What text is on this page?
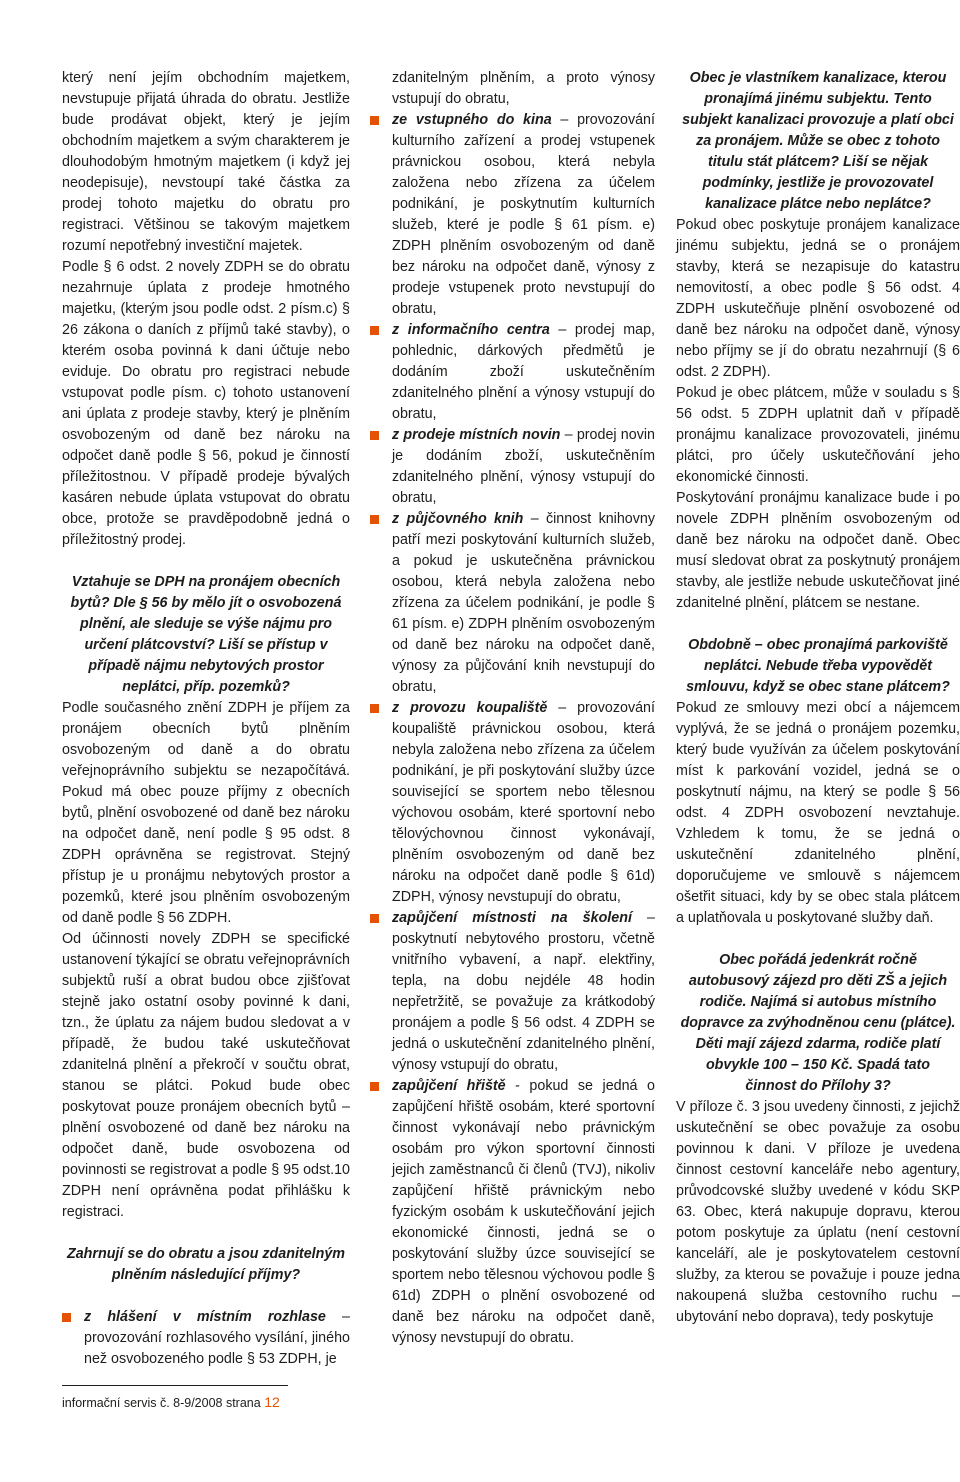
který není jejím obchodním majetkem, nevstupuje přijatá úhrada do obratu. Jestliže bude prodávat objekt, který je jejím obchodním majetkem a svým charakterem je dlouhodobým hmotným majetkem (i když jej neodepisuje), nevstoupí také částka za prodej tohoto majetku do obratu pro registraci. Většinou se takovým majetkem rozumí nepotřebný investiční majetek.

Podle § 6 odst. 2 novely ZDPH se do obratu nezahrnuje úplata z prodeje hmotného majetku, (kterým jsou podle odst. 2 písm.c) § 26 zákona o daních z příjmů také stavby), o kterém osoba povinná k dani účtuje nebo eviduje. Do obratu pro registraci nebude vstupovat podle písm. c) tohoto ustanovení ani úplata z prodeje stavby, který je plněním osvobozeným od daně bez nároku na odpočet daně podle § 56, pokud je činností příležitostnou. V případě prodeje bývalých kasáren nebude úplata vstupovat do obratu obce, protože se pravděpodobně jedná o příležitostný prodej.

Vztahuje se DPH na pronájem obecních bytů? Dle § 56 by mělo jít o osvobozená plnění, ale sleduje se výše nájmu pro určení plátcovství? Liší se přístup v případě nájmu nebytových prostor neplátci, příp. pozemků?

Podle současného znění ZDPH je příjem za pronájem obecních bytů plněním osvobozeným od daně a do obratu veřejnoprávního subjektu se nezapočítává. Pokud má obec pouze příjmy z obecních bytů, plnění osvobozené od daně bez nároku na odpočet daně, není podle § 95 odst. 8 ZDPH oprávněna se registrovat. Stejný přístup je u pronájmu nebytových prostor a pozemků, které jsou plněním osvobozeným od daně podle § 56 ZDPH.

Od účinnosti novely ZDPH se specifické ustanovení týkající se obratu veřejnoprávních subjektů ruší a obrat budou obce zjišťovat stejně jako ostatní osoby povinné k dani, tzn., že úplatu za nájem budou sledovat a v případě, že budou také uskutečňovat zdanitelná plnění a překročí v součtu obrat, stanou se plátci. Pokud bude obec poskytovat pouze pronájem obecních bytů – plnění osvobozené od daně bez nároku na odpočet daně, bude osvobozena od povinnosti se registrovat a podle § 95 odst.10 ZDPH není oprávněna podat přihlášku k registraci.

Zahrnují se do obratu a jsou zdanitelným plněním následující příjmy?

z hlášení v místním rozhlase – provozování rozhlasového vysílání, jiného než osvobozeného podle § 53 ZDPH, je

zdanitelným plněním, a proto výnosy vstupují do obratu,

ze vstupného do kina – provozování kulturního zařízení a prodej vstupenek právnickou osobou, která nebyla založena nebo zřízena za účelem podnikání, je poskytnutím kulturních služeb, které je podle § 61 písm. e) ZDPH plněním osvobozeným od daně bez nároku na odpočet daně, výnosy z prodeje vstupenek proto nevstupují do obratu,

z informačního centra – prodej map, pohlednic, dárkových předmětů je dodáním zboží uskutečněním zdanitelného plnění a výnosy vstupují do obratu,

z prodeje místních novin – prodej novin je dodáním zboží, uskutečněním zdanitelného plnění, výnosy vstupují do obratu,

z půjčovného knih – činnost knihovny patří mezi poskytování kulturních služeb, a pokud je uskutečněna právnickou osobou, která nebyla založena nebo zřízena za účelem podnikání, je podle § 61 písm. e) ZDPH plněním osvobozeným od daně bez nároku na odpočet daně, výnosy za půjčování knih nevstupují do obratu,

z provozu koupaliště – provozování koupaliště právnickou osobou, která nebyla založena nebo zřízena za účelem podnikání, je při poskytování služby úzce související se sportem nebo tělesnou výchovou osobám, které sportovní nebo tělovýchovnou činnost vykonávají, plněním osvobozeným od daně bez nároku na odpočet daně podle § 61d) ZDPH, výnosy nevstupují do obratu,

zapůjčení místnosti na školení – poskytnutí nebytového prostoru, včetně vnitřního vybavení, a např. elektřiny, tepla, na dobu nejdéle 48 hodin nepřetržitě, se považuje za krátkodobý pronájem a podle § 56 odst. 4 ZDPH se jedná o uskutečnění zdanitelného plnění, výnosy vstupují do obratu,

zapůjčení hřiště - pokud se jedná o zapůjčení hřiště osobám, které sportovní činnost vykonávají nebo právnickým osobám pro výkon sportovní činnosti jejich zaměstnanců či členů (TVJ), nikoliv zapůjčení hřiště právnickým nebo fyzickým osobám k uskutečňování jejich ekonomické činnosti, jedná se o poskytování služby úzce související se sportem nebo tělesnou výchovou podle § 61d) ZDPH o plnění osvobozené od daně bez nároku na odpočet daně, výnosy nevstupují do obratu.

Obec je vlastníkem kanalizace, kterou pronajímá jinému subjektu. Tento subjekt kanalizaci provozuje a platí obci za pronájem. Může se obec z tohoto titulu stát plátcem? Liší se nějak podmínky, jestliže je provozovatel kanalizace plátce nebo neplátce?

Pokud obec poskytuje pronájem kanalizace jinému subjektu, jedná se o pronájem stavby, která se nezapisuje do katastru nemovitostí, a obec podle § 56 odst. 4 ZDPH uskutečňuje plnění osvobozené od daně bez nároku na odpočet daně, výnosy nebo příjmy se jí do obratu nezahrnují (§ 6 odst. 2 ZDPH).

Pokud je obec plátcem, může v souladu s § 56 odst. 5 ZDPH uplatnit daň v případě pronájmu kanalizace provozovateli, jinému plátci, pro účely uskutečňování jeho ekonomické činnosti.

Poskytování pronájmu kanalizace bude i po novele ZDPH plněním osvobozeným od daně bez nároku na odpočet daně. Obec musí sledovat obrat za poskytnutý pronájem stavby, ale jestliže nebude uskutečňovat jiné zdanitelné plnění, plátcem se nestane.

Obdobně – obec pronajímá parkoviště neplátci. Nebude třeba vypovědět smlouvu, když se obec stane plátcem?

Pokud ze smlouvy mezi obcí a nájemcem vyplývá, že se jedná o pronájem pozemku, který bude využíván za účelem poskytování míst k parkování vozidel, jedná se o poskytnutí nájmu, na který se podle § 56 odst. 4 ZDPH osvobození nevztahuje. Vzhledem k tomu, že se jedná o uskutečnění zdanitelného plnění, doporučujeme ve smlouvě s nájemcem ošetřit situaci, kdy by se obec stala plátcem a uplatňovala u poskytované služby daň.

Obec pořádá jedenkrát ročně autobusový zájezd pro děti ZŠ a jejich rodiče. Najímá si autobus místního dopravce za zvýhodněnou cenu (plátce). Děti mají zájezd zdarma, rodiče platí obvykle 100 – 150 Kč. Spadá tato činnost do Přílohy 3?

V příloze č. 3 jsou uvedeny činnosti, z jejichž uskutečnění se obec považuje za osobu povinnou k dani. V příloze je uvedena činnost cestovní kanceláře nebo agentury, průvodcovské služby uvedené v kódu SKP 63. Obec, která nakupuje dopravu, kterou potom poskytuje za úplatu (není cestovní kanceláří, ale je poskytovatelem cestovní služby, za kterou se považuje i pouze jedna nakoupená služba cestovního ruchu – ubytování nebo doprava), tedy poskytuje

informační servis č. 8-9/2008 strana 12
